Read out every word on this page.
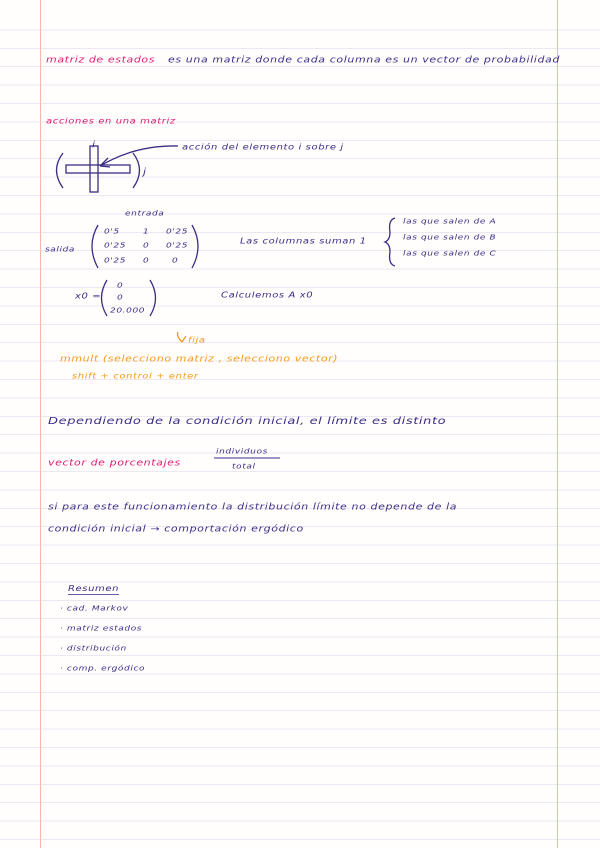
matriz de estados es una matriz donde cada columna es un vector de probabilidad
acciones en una matriz
i
j
acción del elemento i sobre j
entrada
salida
0'5	1 0'25
0'25 0 0'25
0'25 0	0
Las columnas suman 1
las que salen de A
las que salen de B
las que salen de C
x0 =
0
0
20.000
Calculemos A x0
fija
mmult (selecciono matriz , selecciono vector)
shift + control + enter
Dependiendo de la condición inicial, el límite es distinto
vector de porcentajes
individuos
total
si para este funcionamiento la distribución límite no depende de la
condición inicial → comportación ergódico
Resumen
· cad. Markov
· matriz estados
· distribución
· comp. ergódico
